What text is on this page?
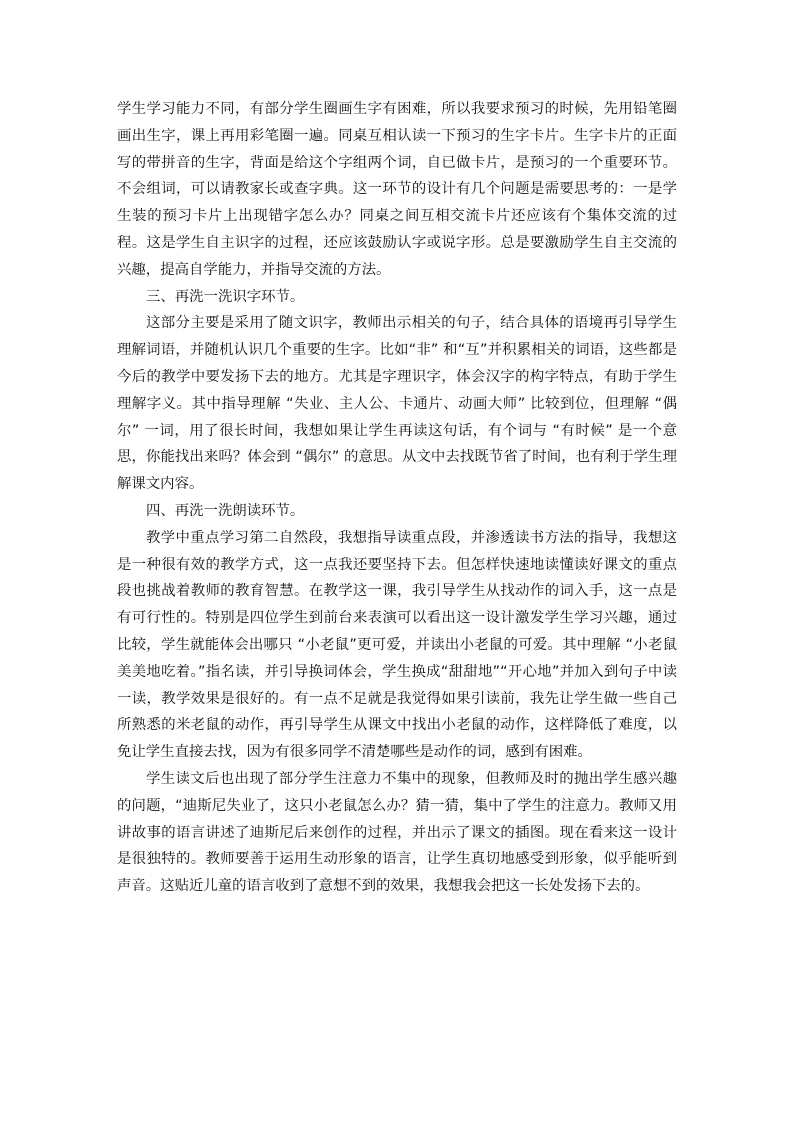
学生学习能力不同，有部分学生圈画生字有困难，所以我要求预习的时候，先用铅笔圈画出生字，课上再用彩笔圈一遍。同桌互相认读一下预习的生字卡片。生字卡片的正面写的带拼音的生字，背面是给这个字组两个词，自已做卡片，是预习的一个重要环节。不会组词，可以请教家长或查字典。这一环节的设计有几个问题是需要思考的：一是学生装的预习卡片上出现错字怎么办？同桌之间互相交流卡片还应该有个集体交流的过程。这是学生自主识字的过程，还应该鼓励认字或说字形。总是要激励学生自主交流的兴趣，提高自学能力，并指导交流的方法。

三、再洗一洗识字环节。

这部分主要是采用了随文识字，教师出示相关的句子，结合具体的语境再引导学生理解词语，并随机认识几个重要的生字。比如“非” 和“互”并积累相关的词语，这些都是今后的教学中要发扬下去的地方。尤其是字理识字，体会汉字的构字特点，有助于学生理解字义。其中指导理解 “失业、主人公、卡通片、动画大师” 比较到位，但理解 “偶尔” 一词，用了很长时间，我想如果让学生再读这句话，有个词与 “有时候” 是一个意思，你能找出来吗？体会到 “偶尔” 的意思。从文中去找既节省了时间，也有利于学生理解课文内容。

四、再洗一洗朗读环节。

教学中重点学习第二自然段，我想指导读重点段，并渗透读书方法的指导，我想这是一种很有效的教学方式，这一点我还要坚持下去。但怎样快速地读懂读好课文的重点段也挑战着教师的教育智慧。在教学这一课，我引导学生从找动作的词入手，这一点是有可行性的。特别是四位学生到前台来表演可以看出这一设计激发学生学习兴趣，通过比较，学生就能体会出哪只 “小老鼠”更可爱，并读出小老鼠的可爱。其中理解 “小老鼠美美地吃着。”指名读，并引导换词体会，学生换成“甜甜地”“开心地”并加入到句子中读一读，教学效果是很好的。有一点不足就是我觉得如果引读前，我先让学生做一些自己所熟悉的米老鼠的动作，再引导学生从课文中找出小老鼠的动作，这样降低了难度，以免让学生直接去找，因为有很多同学不清楚哪些是动作的词，感到有困难。

学生读文后也出现了部分学生注意力不集中的现象，但教师及时的抛出学生感兴趣的问题，“迪斯尼失业了，这只小老鼠怎么办？猜一猜，集中了学生的注意力。教师又用讲故事的语言讲述了迪斯尼后来创作的过程，并出示了课文的插图。现在看来这一设计是很独特的。教师要善于运用生动形象的语言，让学生真切地感受到形象，似乎能听到声音。这贴近儿童的语言收到了意想不到的效果，我想我会把这一长处发扬下去的。
